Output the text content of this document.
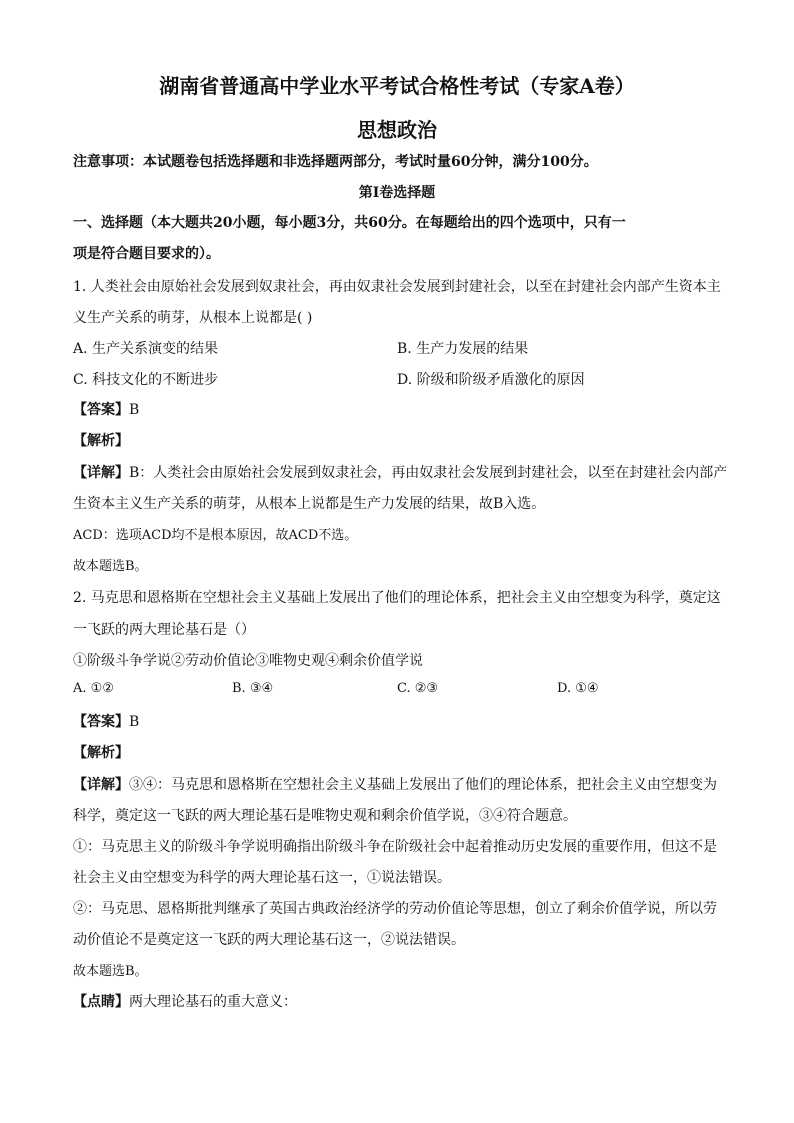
湖南省普通高中学业水平考试合格性考试（专家A卷）
思想政治
注意事项：本试题卷包括选择题和非选择题两部分，考试时量60分钟，满分100分。
第I卷选择题
一、选择题（本大题共20小题，每小题3分，共60分。在每题给出的四个选项中，只有一
项是符合题目要求的）。
1. 人类社会由原始社会发展到奴隶社会，再由奴隶社会发展到封建社会，以至在封建社会内部产生资本主
义生产关系的萌芽，从根本上说都是( )
A. 生产关系演变的结果	B. 生产力发展的结果
C. 科技文化的不断进步	D. 阶级和阶级矛盾激化的原因
【答案】B
【解析】
【详解】B：人类社会由原始社会发展到奴隶社会，再由奴隶社会发展到封建社会，以至在封建社会内部产
生资本主义生产关系的萌芽，从根本上说都是生产力发展的结果，故B入选。
ACD：选项ACD均不是根本原因，故ACD不选。
故本题选B。
2. 马克思和恩格斯在空想社会主义基础上发展出了他们的理论体系，把社会主义由空想变为科学，奠定这
一飞跃的两大理论基石是（）
①阶级斗争学说②劳动价值论③唯物史观④剩余价值学说
A. ①②	B. ③④	C. ②③	D. ①④
【答案】B
【解析】
【详解】③④：马克思和恩格斯在空想社会主义基础上发展出了他们的理论体系，把社会主义由空想变为
科学，奠定这一飞跃的两大理论基石是唯物史观和剩余价值学说，③④符合题意。
①：马克思主义的阶级斗争学说明确指出阶级斗争在阶级社会中起着推动历史发展的重要作用，但这不是
社会主义由空想变为科学的两大理论基石这一，①说法错误。
②：马克思、恩格斯批判继承了英国古典政治经济学的劳动价值论等思想，创立了剩余价值学说，所以劳
动价值论不是奠定这一飞跃的两大理论基石这一，②说法错误。
故本题选B。
【点睛】两大理论基石的重大意义：
